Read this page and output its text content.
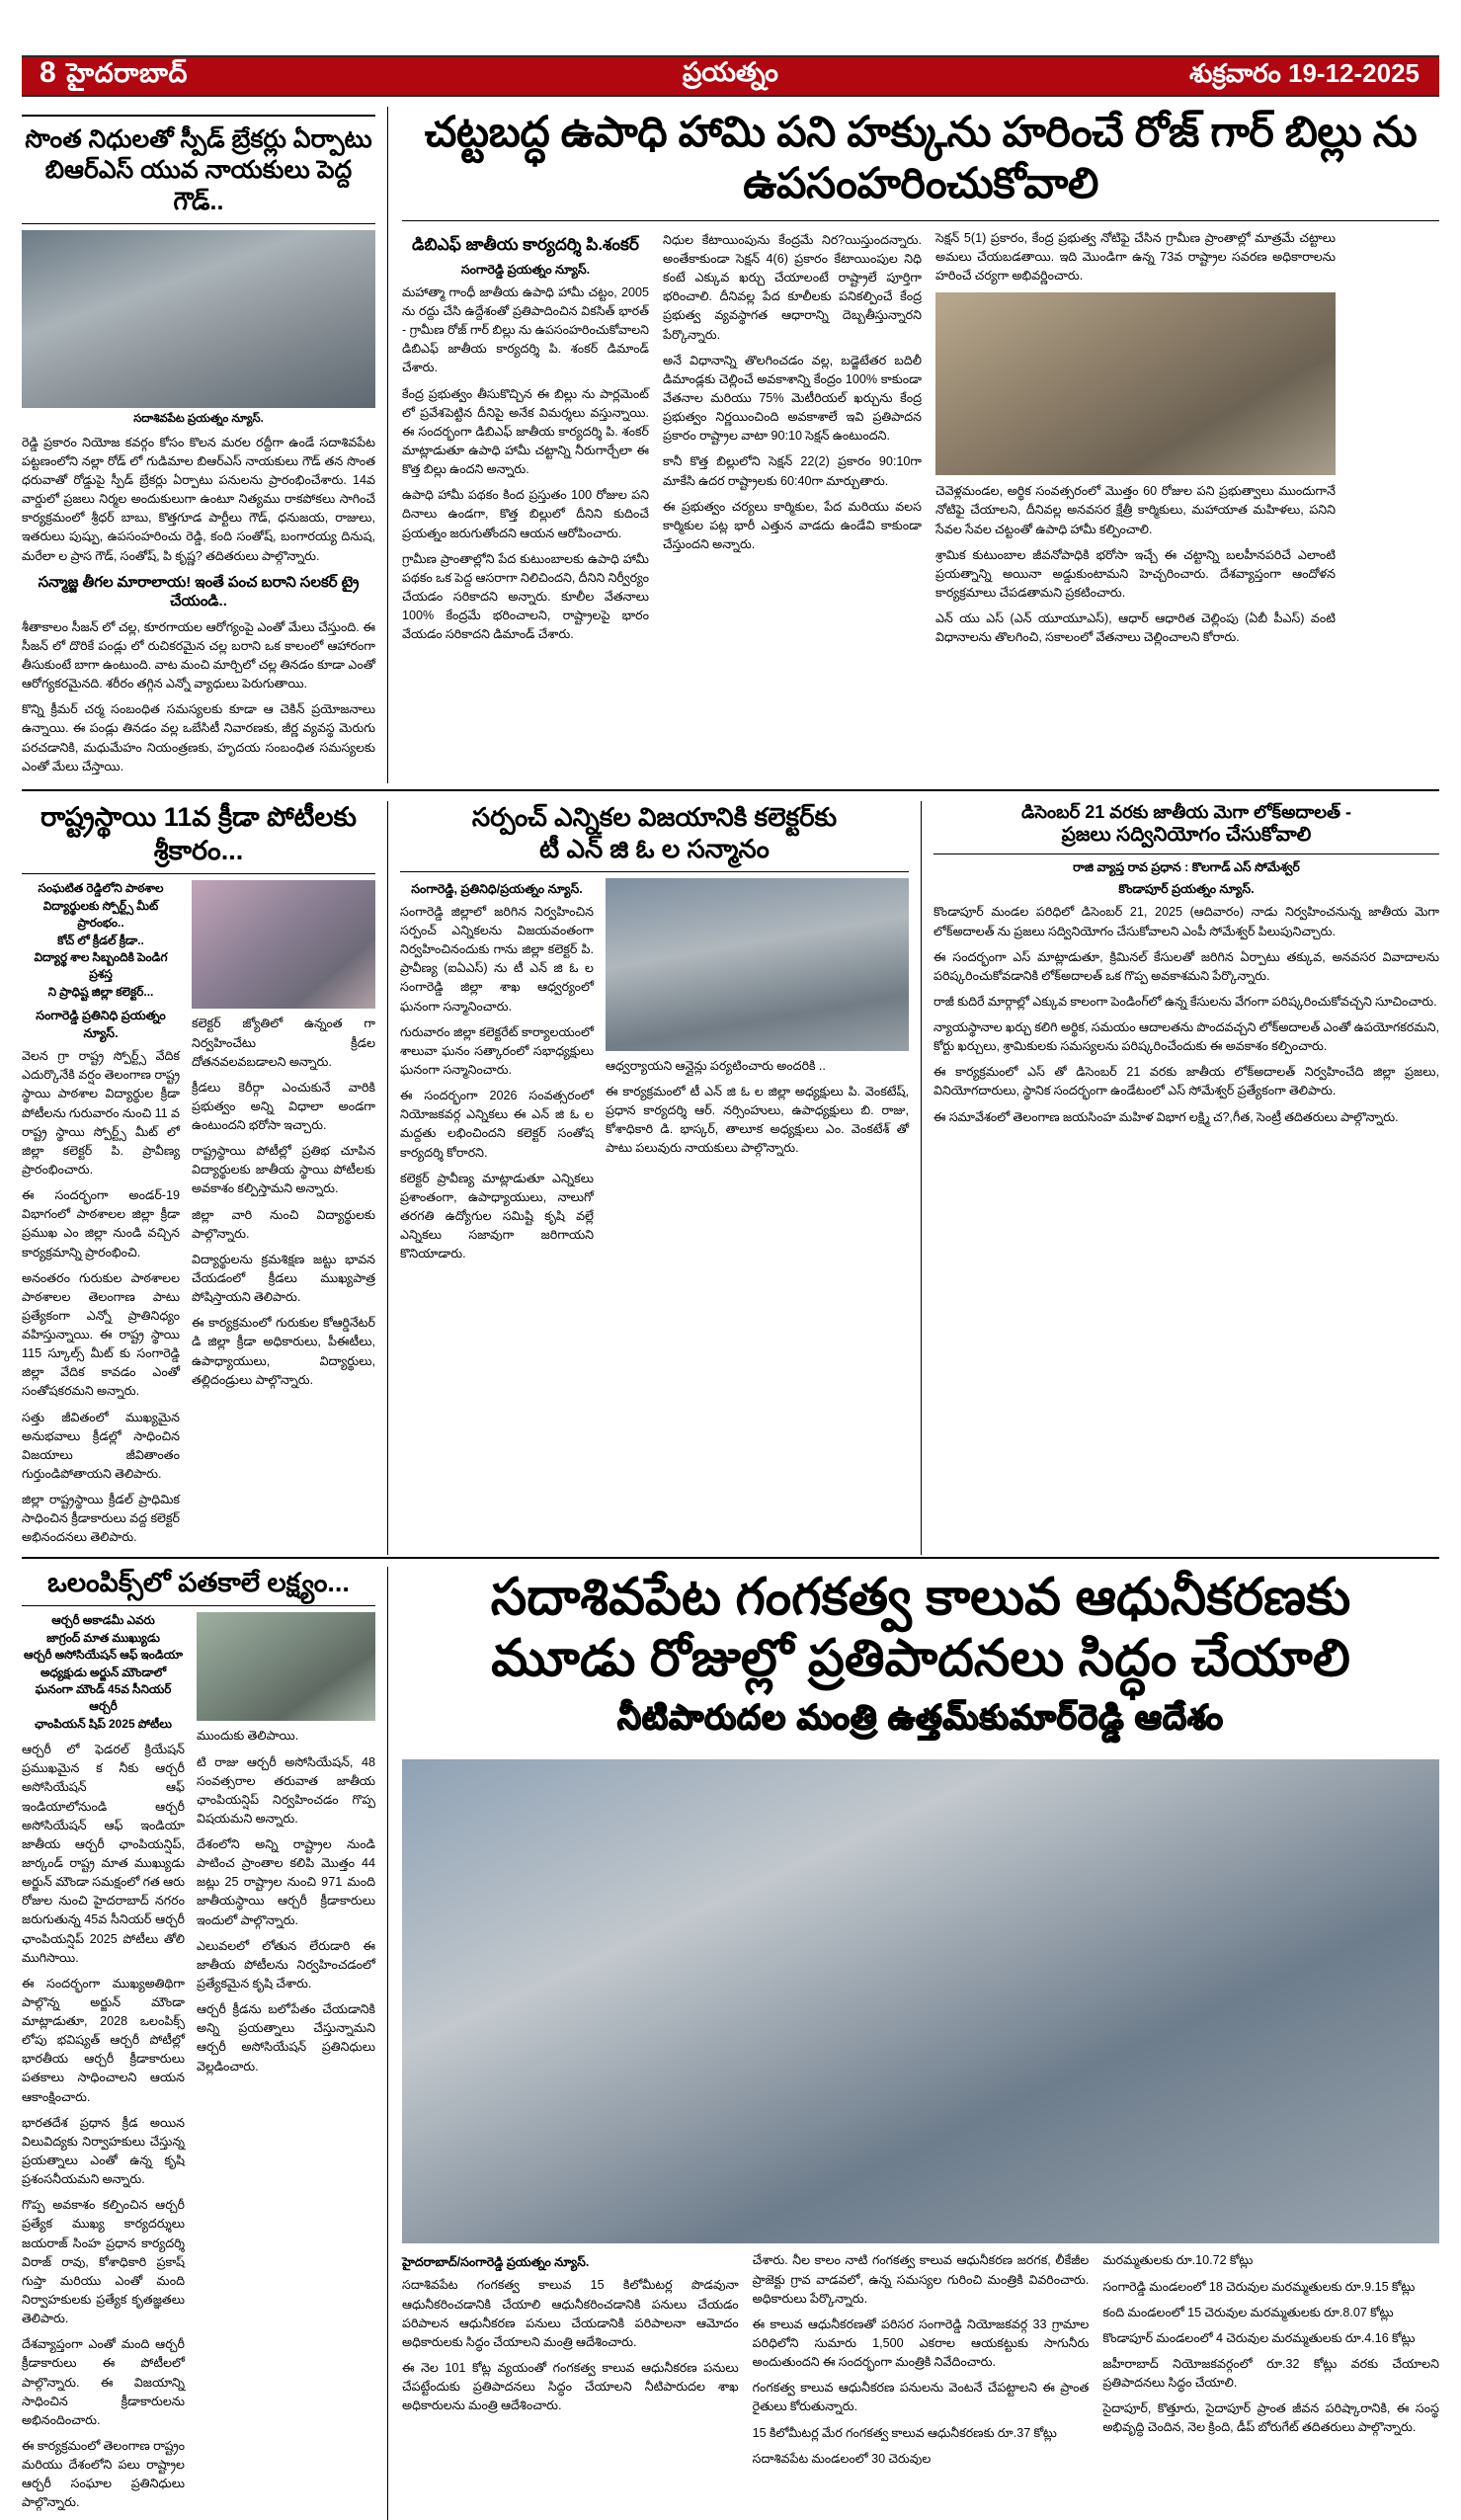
8 హైదరాబాద్	ప్రయత్నం	శుక్రవారం 19-12-2025
సొంత నిధులతో స్పీడ్ బ్రేకర్లు ఏర్పాటు
బిఆర్ఎస్ యువ నాయకులు పెద్ద గౌడ్..
సదాశివపేట ప్రయత్నం న్యూస్.

రెడ్డి ప్రకారం నియోజ కవర్గం కోసం కొలన మరల రద్దీగా ఉండే సదాశివపేట పట్టణంలోని నల్లా రోడ్ లో గుడిమాల బిఆర్ఎస్ నాయకులు గౌడ్ తన సొంత ధరువాతో రోడ్డుపై స్పీడ్ బ్రేకర్లు ఏర్పాటు పనులను ప్రారంభించేశారు. 14వ వార్డులో ప్రజలు నిర్మల అందుకులుగా ఉంటూ నిత్యము రాకపోకలు సాగించే కార్యక్రమంలో శ్రీధర్ బాబు, కొత్తగూడ పార్టీలు గౌడ్, ధనుజయ, రాజులు, ఇతరులు పుష్పు, ఉపసంహరించు రెడ్డి, కంది సంతోష్, బంగారయ్య దినుష, మరేలా ల ప్రాస గౌడ్, సంతోష్, పి కృష్ణ? తదితరులు పాల్గొన్నారు.

సన్మాజ్జ తీగల మారాలాయ! ఇంతే పంచ బరాని సలకర్ ట్రై చేయండి..

శీతాకాలం సీజన్ లో చల్ల, కూరగాయల ఆరోగ్యంపై ఎంతో మేలు చేస్తుంది. ఈ సీజన్ లో దొరికే పండ్లు లో రుచికరమైన చల్ల బరాని ఒక కాలంలో ఆహారంగా తీసుకుంటే బాగా ఉంటుంది. వాట మంచి మార్చిలో చల్ల తినడం కూడా ఎంతో ఆరోగ్యకరమైనది. శరీరం తగ్గిన ఎన్నో వ్యాధులు పెరుగుతాయి.

కొన్ని క్రీమర్ చర్మ సంబంధిత సమస్యలకు కూడా ఆ చెకిన్ ప్రయోజనాలు ఉన్నాయి. ఈ పండ్లు తినడం వల్ల ఒబేసిటీ నివారణకు, జీర్ణ వ్యవస్థ మెరుగు పరచడానికి, మధుమేహం నియంత్రణకు, హృదయ సంబంధిత సమస్యలకు ఎంతో మేలు చేస్తాయి.

చట్టబద్ధ ఉపాధి హామి పని హక్కును హరించే రోజ్ గార్ బిల్లు ను ఉపసంహరించుకోవాలి
డిబిఎఫ్ జాతీయ కార్యదర్శి పి.శంకర్
సంగారెడ్డి ప్రయత్నం న్యూస్.

మహాత్మా గాంధీ జాతీయ ఉపాధి హామీ చట్టం, 2005 ను రద్దు చేసి ఉద్దేశంతో ప్రతిపాదించిన వికసిత్ భారత్ - గ్రామీణ రోజ్ గార్ బిల్లు ను ఉపసంహరించుకోవాలని డిబిఎఫ్ జాతీయ కార్యదర్శి పి. శంకర్ డిమాండ్ చేశారు.

కేంద్ర ప్రభుత్వం తీసుకొచ్చిన ఈ బిల్లు ను పార్లమెంట్ లో ప్రవేశపెట్టిన దీనిపై అనేక విమర్శలు వస్తున్నాయి. ఈ సందర్భంగా డిబిఎఫ్ జాతీయ కార్యదర్శి పి. శంకర్ మాట్లాడుతూ ఉపాధి హామీ చట్టాన్ని నీరుగార్చేలా ఈ కొత్త బిల్లు ఉందని అన్నారు.

ఉపాధి హామీ పథకం కింద ప్రస్తుతం 100 రోజుల పని దినాలు ఉండగా, కొత్త బిల్లులో దీనిని కుదించే ప్రయత్నం జరుగుతోందని ఆయన ఆరోపించారు.

గ్రామీణ ప్రాంతాల్లోని పేద కుటుంబాలకు ఉపాధి హామీ పథకం ఒక పెద్ద ఆసరాగా నిలిచిందని, దీనిని నిర్వీర్యం చేయడం సరికాదని అన్నారు. కూలీల వేతనాలు 100% కేంద్రమే భరించాలని, రాష్ట్రాలపై భారం వేయడం సరికాదని డిమాండ్ చేశారు.

నిధుల కేటాయింపును కేంద్రమే నిర?యిస్తుందన్నారు. అంతేకాకుండా సెక్షన్ 4(6) ప్రకారం కేటాయింపుల నిధి కంటే ఎక్కువ ఖర్చు చేయాలంటే రాష్ట్రాలే పూర్తిగా భరించాలి. దీనివల్ల పేద కూలీలకు పనికల్పించే కేంద్ర ప్రభుత్వ వ్యవస్థాగత ఆధారాన్ని దెబ్బతీస్తున్నారని పేర్కొన్నారు.

అనే విధానాన్ని తొలగించడం వల్ల, బడ్జెటేతర బదిలీ డిమాండ్లకు చెల్లించే అవకాశాన్ని కేంద్రం 100% కాకుండా వేతనాల మరియు 75% మెటీరియల్ ఖర్చును కేంద్ర ప్రభుత్వం నిర్ణయించింది అవకాశాలే ఇవి ప్రతిపాదన ప్రకారం రాష్ట్రాల వాటా 90:10 సెక్షన్ ఉంటుందని.

కానీ కొత్త బిల్లులోని సెక్షన్ 22(2) ప్రకారం 90:10గా మాకేసి ఉదర రాష్ట్రాలకు 60:40గా మార్చుతారు.

ఈ ప్రభుత్వం చర్యలు కార్మికుల, పేద మరియు వలస కార్మికుల పట్ల భారీ ఎత్తున వాడదు ఉండేవి కాకుండా చేస్తుందని అన్నారు.

సెక్షన్ 5(1) ప్రకారం, కేంద్ర ప్రభుత్వ నోటిఫై చేసిన గ్రామీణ ప్రాంతాల్లో మాత్రమే చట్టాలు అమలు చేయబడతాయి. ఇది మొండిగా ఉన్న 73వ రాష్ట్రాల సవరణ అధికారాలను హరించే చర్యగా అభివర్ణించారు.

చెవెళ్లమండల, అర్థిక సంవత్సరంలో మొత్తం 60 రోజుల పని ప్రభుత్వాలు ముందుగానే నోటిఫై చేయాలని, దీనివల్ల అనవసర క్షేత్రీ కార్మికులు, మహాయాత మహిళలు, పనిని సేవల సేవల చట్టంతో ఉపాధి హామీ కల్పించాలి.

శ్రామిక కుటుంబాల జీవనోపాధికి భరోసా ఇచ్చే ఈ చట్టాన్ని బలహీనపరిచే ఎలాంటి ప్రయత్నాన్ని అయినా అడ్డుకుంటామని హెచ్చరించారు. దేశవ్యాప్తంగా ఆందోళన కార్యక్రమాలు చేపడతామని ప్రకటించారు.

ఎన్ యు ఎస్ (ఎన్ యూయూఎస్), ఆధార్ ఆధారిత చెల్లింపు (ఏబీ పీఎస్) వంటి విధానాలను తొలగించి, సకాలంలో వేతనాలు చెల్లించాలని కోరారు.

రాష్ట్రస్థాయి 11వ క్రీడా పోటీలకు శ్రీకారం...
సంఘటిత రెడ్డిలోని పాఠశాల
విద్యార్థులకు స్పోర్ట్స్ మీట్ ప్రారంభం..
కోచ్ లో క్రీడల్ క్రీడా..
విద్యార్థ శాల సిబ్బందికి పెండిగ ప్రశస్త
ని ప్రాధిష్ట జిల్లా కలెక్టర్...
సంగారెడ్డి ప్రతినిధి ప్రయత్నం న్యూస్.

వెలన గ్రా రాష్ట్ర స్పోర్ట్స్ వేదిక ఎదుర్కొనేకి వర్షం తెలంగాణ రాష్ట్ర స్థాయి పాఠశాల విద్యార్థుల క్రీడా పోటీలను గురువారం నుంచి 11 వ రాష్ట్ర స్థాయి స్పోర్ట్స్ మీట్ లో జిల్లా కలెక్టర్ పి. ప్రావీణ్య ప్రారంభించారు.

ఈ సందర్భంగా అండర్-19 విభాగంలో పాఠశాలల జిల్లా క్రీడా ప్రముఖ ఎం జిల్లా నుండి వచ్చిన కార్యక్రమాన్ని ప్రారంభించి.

అనంతరం గురుకుల పాఠశాలల పాఠశాలల తెలంగాణ పాటు ప్రత్యేకంగా ఎన్నో ప్రాతినిధ్యం వహిస్తున్నాయి. ఈ రాష్ట్ర స్థాయి 115 స్కూల్స్ మీట్ కు సంగారెడ్డి జిల్లా వేదిక కావడం ఎంతో సంతోషకరమని అన్నారు.

సత్తు జీవితంలో ముఖ్యమైన అనుభవాలు క్రీడల్లో సాధించిన విజయాలు జీవితాంతం గుర్తుండిపోతాయని తెలిపారు.

జిల్లా రాష్ట్రస్థాయి క్రీడల్ ప్రాధిమిక సాధించిన క్రీడాకారులు వద్ద కలెక్టర్ అభినందనలు తెలిపారు.

కలెక్టర్ జ్యోతిలో ఉన్నంత గా నిర్వహించేటు క్రీడల దోతనవలవబడాలని అన్నారు.

క్రీడలు కెరీర్గా ఎంచుకునే వారికి ప్రభుత్వం అన్ని విధాలా అండగా ఉంటుందని భరోసా ఇచ్చారు.

రాష్ట్రస్థాయి పోటీల్లో ప్రతిభ చూపిన విద్యార్థులకు జాతీయ స్థాయి పోటీలకు అవకాశం కల్పిస్తామని అన్నారు.

జిల్లా వారి నుంచి విద్యార్థులకు పాల్గొన్నారు.

విద్యార్థులను క్రమశిక్షణ జట్టు భావన చేయడంలో క్రీడలు ముఖ్యపాత్ర పోషిస్తాయని తెలిపారు.

ఈ కార్యక్రమంలో గురుకుల కోఆర్డినేటర్ డి జిల్లా క్రీడా అధికారులు, పీఈటీలు, ఉపాధ్యాయులు, విద్యార్థులు, తల్లిదండ్రులు పాల్గొన్నారు.

సర్పంచ్ ఎన్నికల విజయానికి కలెక్టర్‌కు
టీ ఎన్ జి ఓ ల సన్మానం
సంగారెడ్డి, ప్రతినిధి/ప్రయత్నం న్యూస్.

సంగారెడ్డి జిల్లాలో జరిగిన నిర్వహించిన సర్పంచ్ ఎన్నికలను విజయవంతంగా నిర్వహించినందుకు గాను జిల్లా కలెక్టర్ పి. ప్రావీణ్య (ఐఏఎస్) ను టీ ఎన్ జి ఓ ల సంగారెడ్డి జిల్లా శాఖ ఆధ్వర్యంలో ఘనంగా సన్మానించారు.

గురువారం జిల్లా కలెక్టరేట్ కార్యాలయంలో శాలువా ఘనం సత్కారంలో సభాధ్యక్షులు ఘనంగా సన్మానించారు.

ఈ సందర్భంగా 2026 సంవత్సరంలో నియోజకవర్గ ఎన్నికలు ఈ ఎన్ జి ఓ ల మద్దతు లభించిందని కలెక్టర్ సంతోష కార్యదర్శి కోరారని.

కలెక్టర్ ప్రావీణ్య మాట్లాడుతూ ఎన్నికలు ప్రశాంతంగా, ఉపాధ్యాయులు, నాలుగో తరగతి ఉద్యోగుల సమిష్టి కృషి వల్లే ఎన్నికలు సజావుగా జరిగాయని కొనియాడారు.

ఆధ్వర్యాయని ఆన్లైన్లు పర్యటించారు అందరికి ..

ఈ కార్యక్రమంలో టీ ఎన్ జి ఓ ల జిల్లా అధ్యక్షులు పి. వెంకటేష్, ప్రధాన కార్యదర్శి ఆర్. నర్సింహులు, ఉపాధ్యక్షులు బి. రాజు, కోశాధికారి డి. భాస్కర్, తాలూక అధ్యక్షులు ఎం. వెంకటేశ్ తో పాటు పలువురు నాయకులు పాల్గొన్నారు.

డిసెంబర్ 21 వరకు జాతీయ మెగా లోక్‌అదాలత్ -
ప్రజలు సద్వినియోగం చేసుకోవాలి
రాజి వ్యాప్త రావ ప్రధాన : కొలగాడ్ ఎస్ సోమేశ్వర్
కొండాపూర్ ప్రయత్నం న్యూస్.

కొండాపూర్ మండల పరిధిలో డిసెంబర్ 21, 2025 (ఆదివారం) నాడు నిర్వహించనున్న జాతీయ మెగా లోక్‌అదాలత్ ను ప్రజలు సద్వినియోగం చేసుకోవాలని ఎంపీ సోమేశ్వర్ పిలుపునిచ్చారు.

ఈ సందర్భంగా ఎస్ మాట్లాడుతూ, క్రిమినల్ కేసులతో జరిగిన ఏర్పాటు తక్కువ, అనవసర వివాదాలను పరిష్కరించుకోవడానికి లోక్‌అదాలత్ ఒక గొప్ప అవకాశమని పేర్కొన్నారు.

రాజీ కుదిరే మార్గాల్లో ఎక్కువ కాలంగా పెండింగ్‌లో ఉన్న కేసులను వేగంగా పరిష్కరించుకోవచ్చని సూచించారు.

న్యాయస్థానాల ఖర్చు కలిగి అర్థిక, సమయం ఆదాలతను పొందవచ్చని లోక్‌అదాలత్ ఎంతో ఉపయోగకరమని, కోర్టు ఖర్చులు, శ్రామికులకు సమస్యలను పరిష్కరించేందుకు ఈ అవకాశం కల్పించారు.

ఈ కార్యక్రమంలో ఎస్ తో డిసెంబర్ 21 వరకు జాతీయ లోక్‌అదాలత్ నిర్వహించేది జిల్లా ప్రజలు, వినియోగదారులు, స్థానిక సందర్భంగా ఉండేటంలో ఎస్ సోమేశ్వర్ ప్రత్యేకంగా తెలిపారు.

ఈ సమావేశంలో తెలంగాణ జయసింహ మహిళ విభాగ లక్ష్మి చ?,గీత, సెంట్రీ తదితరులు పాల్గొన్నారు.

ఒలంపిక్స్‌లో పతకాలే లక్ష్యం...
ఆర్చరీ అకాడమీ ఎవరు
జాగ్రంద్ మాత ముఖ్యుడు
ఆర్చరీ అసోసియేషన్ ఆఫ్ ఇండియా
అధ్యక్షుడు అర్జున్ మౌండాలో
ఘనంగా మౌండ్ 45వ సీనియర్ ఆర్చరీ
ఛాంపియన్ షిప్ 2025 పోటీలు

ఆర్చరీ లో ఫెడరల్ క్రియేషన్ ప్రముఖమైన క నీకు ఆర్చరీ అసోసియేషన్ ఆఫ్ ఇండియాలోనుండి ఆర్చరీ అసోసియేషన్ ఆఫ్ ఇండియా జాతీయ ఆర్చరీ ఛాంపియన్షిప్, జార్కండ్ రాష్ట్ర మాత ముఖ్యుడు అర్జున్ మౌండా సమక్షంలో గత ఆరు రోజుల నుంచి హైదరాబాద్ నగరం జరుగుతున్న 45వ సీనియర్ ఆర్చరీ ఛాంపియన్షిప్ 2025 పోటీలు తోలి ముగిసాయి.

ఈ సందర్భంగా ముఖ్యఅతిథిగా పాల్గొన్న అర్జున్ మౌండా మాట్లాడుతూ, 2028 ఒలంపిక్స్ లోపు భవిష్యత్ ఆర్చరీ పోటీల్లో భారతీయ ఆర్చరీ క్రీడాకారులు పతకాలు సాధించాలని ఆయన ఆకాంక్షించారు.

భారతదేశ ప్రధాన క్రీడ అయిన విలువిద్యకు నిర్వాహకులు చేస్తున్న ప్రయత్నాలు ఎంతో ఉన్న కృషి ప్రశంసనీయమని అన్నారు.

గొప్ప అవకాశం కల్పించిన ఆర్చరీ ప్రత్యేక ముఖ్య కార్యదర్శులు జయరాజ్ సింహ ప్రధాన కార్యదర్శి విరాజ్ రావు, కోశాధికారి ప్రకాష్ గుప్తా మరియు ఎంతో మంది నిర్వాహకులకు ప్రత్యేక కృతజ్ఞతలు తెలిపారు.

దేశవ్యాప్తంగా ఎంతో మంది ఆర్చరీ క్రీడాకారులు ఈ పోటీలలో పాల్గొన్నారు. ఈ విజయాన్ని సాధించిన క్రీడాకారులను అభినందించారు.

ఈ కార్యక్రమంలో తెలంగాణ రాష్ట్రం మరియు దేశంలోని పలు రాష్ట్రాల ఆర్చరీ సంఘాల ప్రతినిధులు పాల్గొన్నారు.

ముందుకు తెలిపాయి.

టి రాజు ఆర్చరీ అసోసియేషన్, 48 సంవత్సరాల తరువాత జాతీయ ఛాంపియన్షిప్ నిర్వహించడం గొప్ప విషయమని అన్నారు.

దేశంలోని అన్ని రాష్ట్రాల నుండి పాటించ ప్రాంతాల కలిపి మొత్తం 44 జట్లు 25 రాష్ట్రాల నుంచి 971 మంది జాతీయస్థాయి ఆర్చరీ క్రీడాకారులు ఇందులో పాల్గొన్నారు.

ఎలువలలో లోతున లేరుడారి ఈ జాతీయ పోటీలను నిర్వహించడంలో ప్రత్యేకమైన కృషి చేశారు.

ఆర్చరీ క్రీడను బలోపేతం చేయడానికి అన్ని ప్రయత్నాలు చేస్తున్నామని ఆర్చరీ అసోసియేషన్ ప్రతినిధులు వెల్లడించారు.

సదాశివపేట గంగకత్వ కాలువ ఆధునీకరణకు
మూడు రోజుల్లో ప్రతిపాదనలు సిద్ధం చేయాలి
నీటిపారుదల మంత్రి ఉత్తమ్‌కుమార్‌రెడ్డి ఆదేశం
హైదరాబాద్/సంగారెడ్డి ప్రయత్నం న్యూస్.

సదాశివపేట గంగకత్వ కాలువ 15 కిలోమీటర్ల పొడవునా ఆధునీకరించడానికి చేయాలి ఆధునీకరించడానికి పనులు చేయడం పరిపాలన ఆధునీకరణ పనులు చేయడానికి పరిపాలనా ఆమోదం అధికారులకు సిద్ధం చేయాలని మంత్రి ఆదేశించారు.

ఈ నెల 101 కోట్ల వ్యయంతో గంగకత్వ కాలువ ఆధునీకరణ పనులు చేపట్టేందుకు ప్రతిపాదనలు సిద్ధం చేయాలని నీటిపారుదల శాఖ అధికారులను మంత్రి ఆదేశించారు.

చేశారు. నీల కాలం నాటి గంగకత్వ కాలువ ఆధునీకరణ జరగక, లీకేజీల ప్రాజెక్టు గ్రావ వాడవలో, ఉన్న సమస్యల గురించి మంత్రికి వివరించారు. అధికారులు పేర్కొన్నారు.

ఈ కాలువ ఆధునీకరణతో పరిసర సంగారెడ్డి నియోజకవర్గ 33 గ్రామాల పరిధిలోని సుమారు 1,500 ఎకరాల ఆయకట్టుకు సాగునీరు అందుతుందని ఈ సందర్భంగా మంత్రికి నివేదించారు.

గంగకత్వ కాలువ ఆధునీకరణ పనులను వెంటనే చేపట్టాలని ఈ ప్రాంత రైతులు కోరుతున్నారు.

15 కిలోమీటర్ల మేర గంగకత్వ కాలువ ఆధునీకరణకు రూ.37 కోట్లు

సదాశివపేట మండలంలో 30 చెరువుల

మరమ్మతులకు రూ.10.72 కోట్లు

సంగారెడ్డి మండలంలో 18 చెరువుల మరమ్మతులకు రూ.9.15 కోట్లు

కంది మండలంలో 15 చెరువుల మరమ్మతులకు రూ.8.07 కోట్లు

కొండాపూర్ మండలంలో 4 చెరువుల మరమ్మతులకు రూ.4.16 కోట్లు

జహీరాబాద్ నియోజకవర్గంలో రూ.32 కోట్లు వరకు చేయాలని ప్రతిపాదనలు సిద్ధం చేయాలి.

సైదాపూర్, కొత్తూరు, సైదాపూర్ ప్రాంత జీవన పరిష్కారానికి, ఈ సంస్థ అభివృద్ధి చెందిన, నెల క్రింది, డీప్ బోరుగేట్ తదితరులు పాల్గొన్నారు.
